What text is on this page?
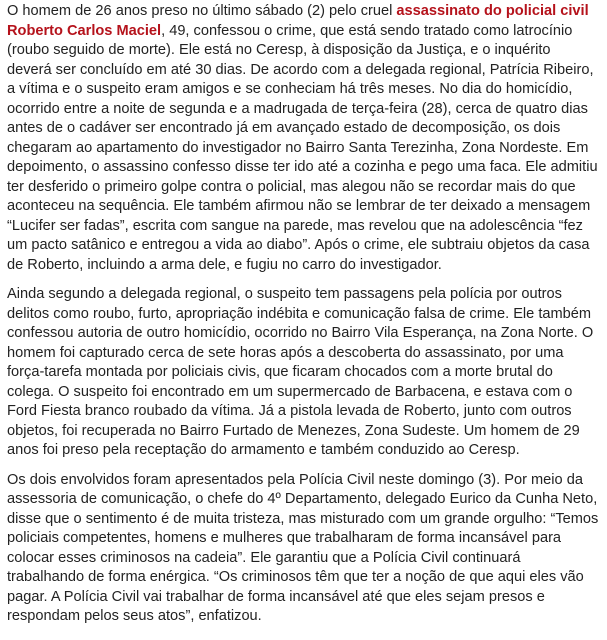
O homem de 26 anos preso no último sábado (2) pelo cruel assassinato do policial civil Roberto Carlos Maciel, 49, confessou o crime, que está sendo tratado como latrocínio (roubo seguido de morte). Ele está no Ceresp, à disposição da Justiça, e o inquérito deverá ser concluído em até 30 dias. De acordo com a delegada regional, Patrícia Ribeiro, a vítima e o suspeito eram amigos e se conheciam há três meses. No dia do homicídio, ocorrido entre a noite de segunda e a madrugada de terça-feira (28), cerca de quatro dias antes de o cadáver ser encontrado já em avançado estado de decomposição, os dois chegaram ao apartamento do investigador no Bairro Santa Terezinha, Zona Nordeste. Em depoimento, o assassino confesso disse ter ido até a cozinha e pego uma faca. Ele admitiu ter desferido o primeiro golpe contra o policial, mas alegou não se recordar mais do que aconteceu na sequência. Ele também afirmou não se lembrar de ter deixado a mensagem “Lucifer ser fadas”, escrita com sangue na parede, mas revelou que na adolescência “fez um pacto satânico e entregou a vida ao diabo”. Após o crime, ele subtraiu objetos da casa de Roberto, incluindo a arma dele, e fugiu no carro do investigador.

Ainda segundo a delegada regional, o suspeito tem passagens pela polícia por outros delitos como roubo, furto, apropriação indébita e comunicação falsa de crime. Ele também confessou autoria de outro homicídio, ocorrido no Bairro Vila Esperança, na Zona Norte. O homem foi capturado cerca de sete horas após a descoberta do assassinato, por uma força-tarefa montada por policiais civis, que ficaram chocados com a morte brutal do colega. O suspeito foi encontrado em um supermercado de Barbacena, e estava com o Ford Fiesta branco roubado da vítima. Já a pistola levada de Roberto, junto com outros objetos, foi recuperada no Bairro Furtado de Menezes, Zona Sudeste. Um homem de 29 anos foi preso pela receptação do armamento e também conduzido ao Ceresp.

Os dois envolvidos foram apresentados pela Polícia Civil neste domingo (3). Por meio da assessoria de comunicação, o chefe do 4º Departamento, delegado Eurico da Cunha Neto, disse que o sentimento é de muita tristeza, mas misturado com um grande orgulho: “Temos policiais competentes, homens e mulheres que trabalharam de forma incansável para colocar esses criminosos na cadeia”. Ele garantiu que a Polícia Civil continuará trabalhando de forma enérgica. “Os criminosos têm que ter a noção de que aqui eles vão pagar. A Polícia Civil vai trabalhar de forma incansável até que eles sejam presos e respondam pelos seus atos”, enfatizou.
